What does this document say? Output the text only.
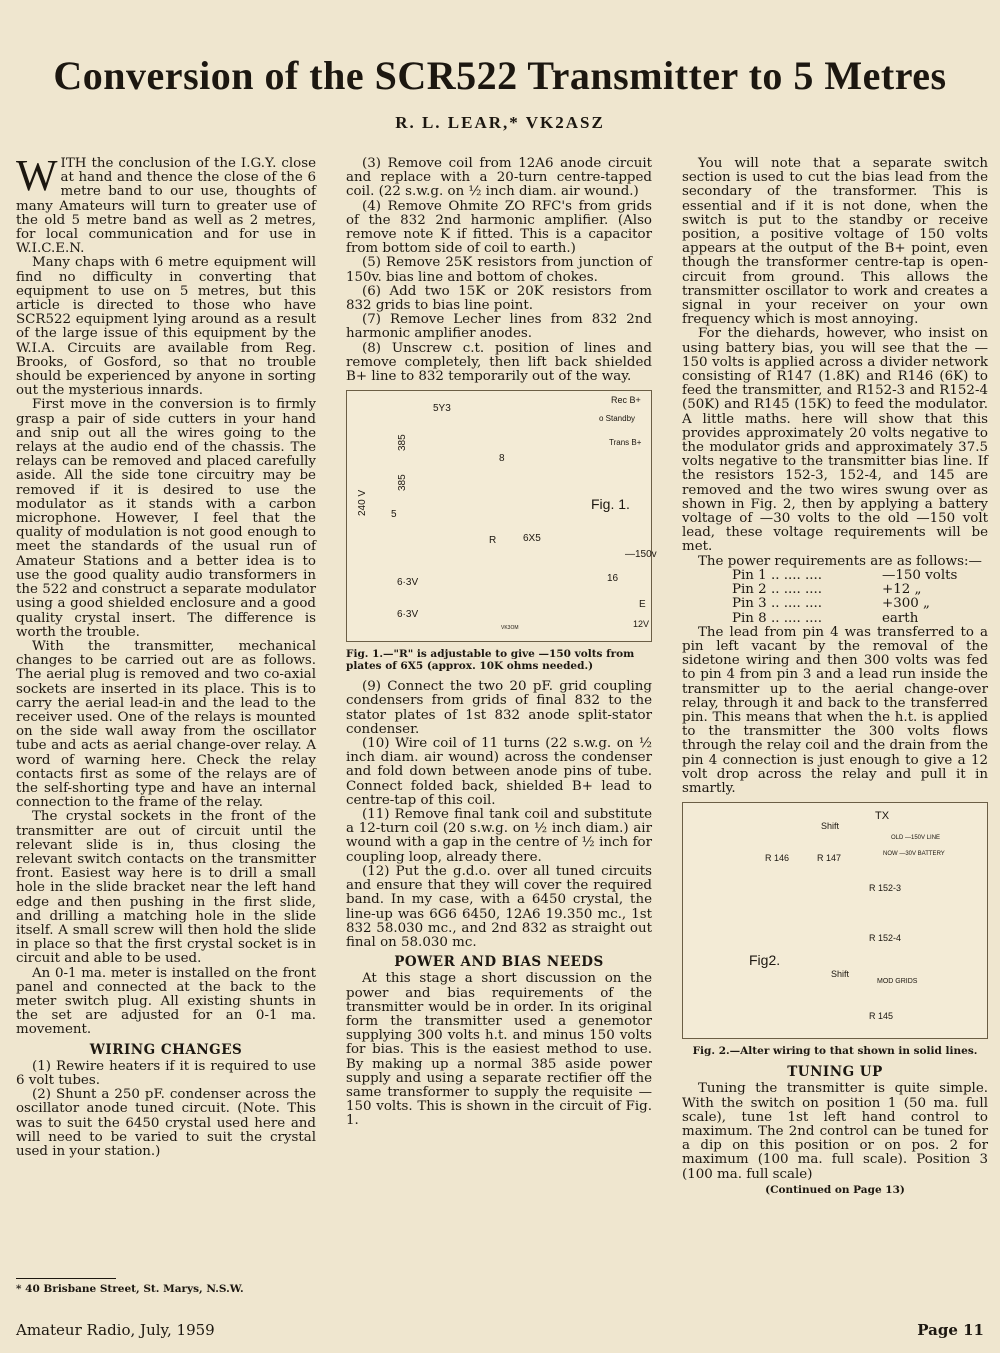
Conversion of the SCR522 Transmitter to 5 Metres
R. L. LEAR,* VK2ASZ

WITH the conclusion of the I.G.Y. close at hand and thence the close of the 6 metre band to our use, thoughts of many Amateurs will turn to greater use of the old 5 metre band as well as 2 metres, for local communication and for use in W.I.C.E.N.

Many chaps with 6 metre equipment will find no difficulty in converting that equipment to use on 5 metres, but this article is directed to those who have SCR522 equipment lying around as a result of the large issue of this equipment by the W.I.A. Circuits are available from Reg. Brooks, of Gosford, so that no trouble should be experienced by anyone in sorting out the mysterious innards.

First move in the conversion is to firmly grasp a pair of side cutters in your hand and snip out all the wires going to the relays at the audio end of the chassis. The relays can be removed and placed carefully aside. All the side tone circuitry may be removed if it is desired to use the modulator as it stands with a carbon microphone. However, I feel that the quality of modulation is not good enough to meet the standards of the usual run of Amateur Stations and a better idea is to use the good quality audio transformers in the 522 and construct a separate modulator using a good shielded enclosure and a good quality crystal insert. The difference is worth the trouble.

With the transmitter, mechanical changes to be carried out are as follows. The aerial plug is removed and two co-axial sockets are inserted in its place. This is to carry the aerial lead-in and the lead to the receiver used. One of the relays is mounted on the side wall away from the oscillator tube and acts as aerial change-over relay. A word of warning here. Check the relay contacts first as some of the relays are of the self-shorting type and have an internal connection to the frame of the relay.

The crystal sockets in the front of the transmitter are out of circuit until the relevant slide is in, thus closing the relevant switch contacts on the transmitter front. Easiest way here is to drill a small hole in the slide bracket near the left hand edge and then pushing in the first slide, and drilling a matching hole in the slide itself. A small screw will then hold the slide in place so that the first crystal socket is in circuit and able to be used.

An 0-1 ma. meter is installed on the front panel and connected at the back to the meter switch plug. All existing shunts in the set are adjusted for an 0-1 ma. movement.

WIRING CHANGES

(1) Rewire heaters if it is required to use 6 volt tubes.

(2) Shunt a 250 pF. condenser across the oscillator anode tuned circuit. (Note. This was to suit the 6450 crystal used here and will need to be varied to suit the crystal used in your station.)

(3) Remove coil from 12A6 anode circuit and replace with a 20-turn centre-tapped coil. (22 s.w.g. on ½ inch diam. air wound.)

(4) Remove Ohmite ZO RFC's from grids of the 832 2nd harmonic amplifier. (Also remove note K if fitted. This is a capacitor from bottom side of coil to earth.)

(5) Remove 25K resistors from junction of 150v. bias line and bottom of chokes.

(6) Add two 15K or 20K resistors from 832 grids to bias line point.

(7) Remove Lecher lines from 832 2nd harmonic amplifier anodes.

(8) Unscrew c.t. position of lines and remove completely, then lift back shielded B+ line to 832 temporarily out of the way.

240 V
385
385
5
5Y3
8
Rec B+
o Standby
Trans B+
Fig. 1.
R	6X5
—150v
16
6·3V
6·3V
E
12V
VK3OM
Fig. 1.—"R" is adjustable to give —150 volts from plates of 6X5 (approx. 10K ohms needed.)

(9) Connect the two 20 pF. grid coupling condensers from grids of final 832 to the stator plates of 1st 832 anode split-stator condenser.

(10) Wire coil of 11 turns (22 s.w.g. on ½ inch diam. air wound) across the condenser and fold down between anode pins of tube. Connect folded back, shielded B+ lead to centre-tap of this coil.

(11) Remove final tank coil and substitute a 12-turn coil (20 s.w.g. on ½ inch diam.) air wound with a gap in the centre of ½ inch for coupling loop, already there.

(12) Put the g.d.o. over all tuned circuits and ensure that they will cover the required band. In my case, with a 6450 crystal, the line-up was 6G6 6450, 12A6 19.350 mc., 1st 832 58.030 mc., and 2nd 832 as straight out final on 58.030 mc.

POWER AND BIAS NEEDS

At this stage a short discussion on the power and bias requirements of the transmitter would be in order. In its original form the transmitter used a genemotor supplying 300 volts h.t. and minus 150 volts for bias. This is the easiest method to use. By making up a normal 385 aside power supply and using a separate rectifier off the same transformer to supply the requisite —150 volts. This is shown in the circuit of Fig. 1.

You will note that a separate switch section is used to cut the bias lead from the secondary of the transformer. This is essential and if it is not done, when the switch is put to the standby or receive position, a positive voltage of 150 volts appears at the output of the B+ point, even though the transformer centre-tap is open-circuit from ground. This allows the transmitter oscillator to work and creates a signal in your receiver on your own frequency which is most annoying.

For the diehards, however, who insist on using battery bias, you will see that the —150 volts is applied across a divider network consisting of R147 (1.8K) and R146 (6K) to feed the transmitter, and R152-3 and R152-4 (50K) and R145 (15K) to feed the modulator. A little maths. here will show that this provides approximately 20 volts negative to the modulator grids and approximately 37.5 volts negative to the transmitter bias line. If the resistors 152-3, 152-4, and 145 are removed and the two wires swung over as shown in Fig. 2, then by applying a battery voltage of —30 volts to the old —150 volt lead, these voltage requirements will be met.

The power requirements are as follows:—

Pin 1 .. .... ....	—150 volts
Pin 2 .. .... ....	+12 „
Pin 3 .. .... ....	+300 „
Pin 8 .. .... ....	earth

The lead from pin 4 was transferred to a pin left vacant by the removal of the sidetone wiring and then 300 volts was fed to pin 4 from pin 3 and a lead run inside the transmitter up to the aerial change-over relay, through it and back to the transferred pin. This means that when the h.t. is applied to the transmitter the 300 volts flows through the relay coil and the drain from the pin 4 connection is just enough to give a 12 volt drop across the relay and pull it in smartly.

TX
Shift
OLD —150V LINE
NOW —30V BATTERY
R 146	R 147
R 152-3
R 152-4
Fig2.
Shift
MOD GRIDS
R 145
Fig. 2.—Alter wiring to that shown in solid lines.
TUNING UP

Tuning the transmitter is quite simple. With the switch on position 1 (50 ma. full scale), tune 1st left hand control to maximum. The 2nd control can be tuned for a dip on this position or on pos. 2 for maximum (100 ma. full scale). Position 3 (100 ma. full scale)

(Continued on Page 13)
* 40 Brisbane Street, St. Marys, N.S.W.
Amateur Radio, July, 1959	Page 11
